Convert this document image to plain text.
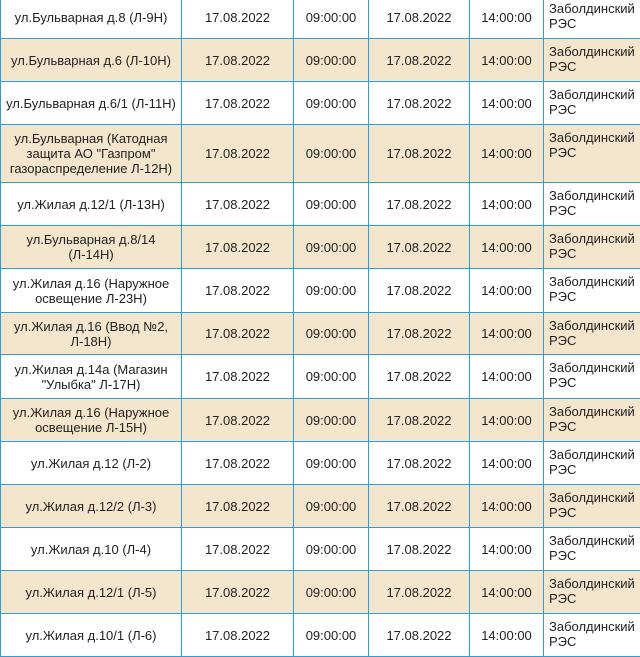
ул.Бульварная д.8 (Л-9Н)	17.08.2022	09:00:00	17.08.2022	14:00:00	Заболдинский РЭС
ул.Бульварная д.6 (Л-10Н)	17.08.2022	09:00:00	17.08.2022	14:00:00	Заболдинский РЭС
ул.Бульварная д.6/1 (Л-11Н)	17.08.2022	09:00:00	17.08.2022	14:00:00	Заболдинский РЭС
ул.Бульварная (Катодная защита АО "Газпром" газораспределение Л-12Н)	17.08.2022	09:00:00	17.08.2022	14:00:00	Заболдинский РЭС
ул.Жилая д.12/1 (Л-13Н)	17.08.2022	09:00:00	17.08.2022	14:00:00	Заболдинский РЭС
ул.Бульварная д.8/14 (Л-14Н)	17.08.2022	09:00:00	17.08.2022	14:00:00	Заболдинский РЭС
ул.Жилая д.16 (Наружное освещение Л-23Н)	17.08.2022	09:00:00	17.08.2022	14:00:00	Заболдинский РЭС
ул.Жилая д.16 (Ввод №2, Л-18Н)	17.08.2022	09:00:00	17.08.2022	14:00:00	Заболдинский РЭС
ул.Жилая д.14а (Магазин "Улыбка" Л-17Н)	17.08.2022	09:00:00	17.08.2022	14:00:00	Заболдинский РЭС
ул.Жилая д.16 (Наружное освещение Л-15Н)	17.08.2022	09:00:00	17.08.2022	14:00:00	Заболдинский РЭС
ул.Жилая д.12 (Л-2)	17.08.2022	09:00:00	17.08.2022	14:00:00	Заболдинский РЭС
ул.Жилая д.12/2 (Л-3)	17.08.2022	09:00:00	17.08.2022	14:00:00	Заболдинский РЭС
ул.Жилая д.10 (Л-4)	17.08.2022	09:00:00	17.08.2022	14:00:00	Заболдинский РЭС
ул.Жилая д.12/1 (Л-5)	17.08.2022	09:00:00	17.08.2022	14:00:00	Заболдинский РЭС
ул.Жилая д.10/1 (Л-6)	17.08.2022	09:00:00	17.08.2022	14:00:00	Заболдинский РЭС
